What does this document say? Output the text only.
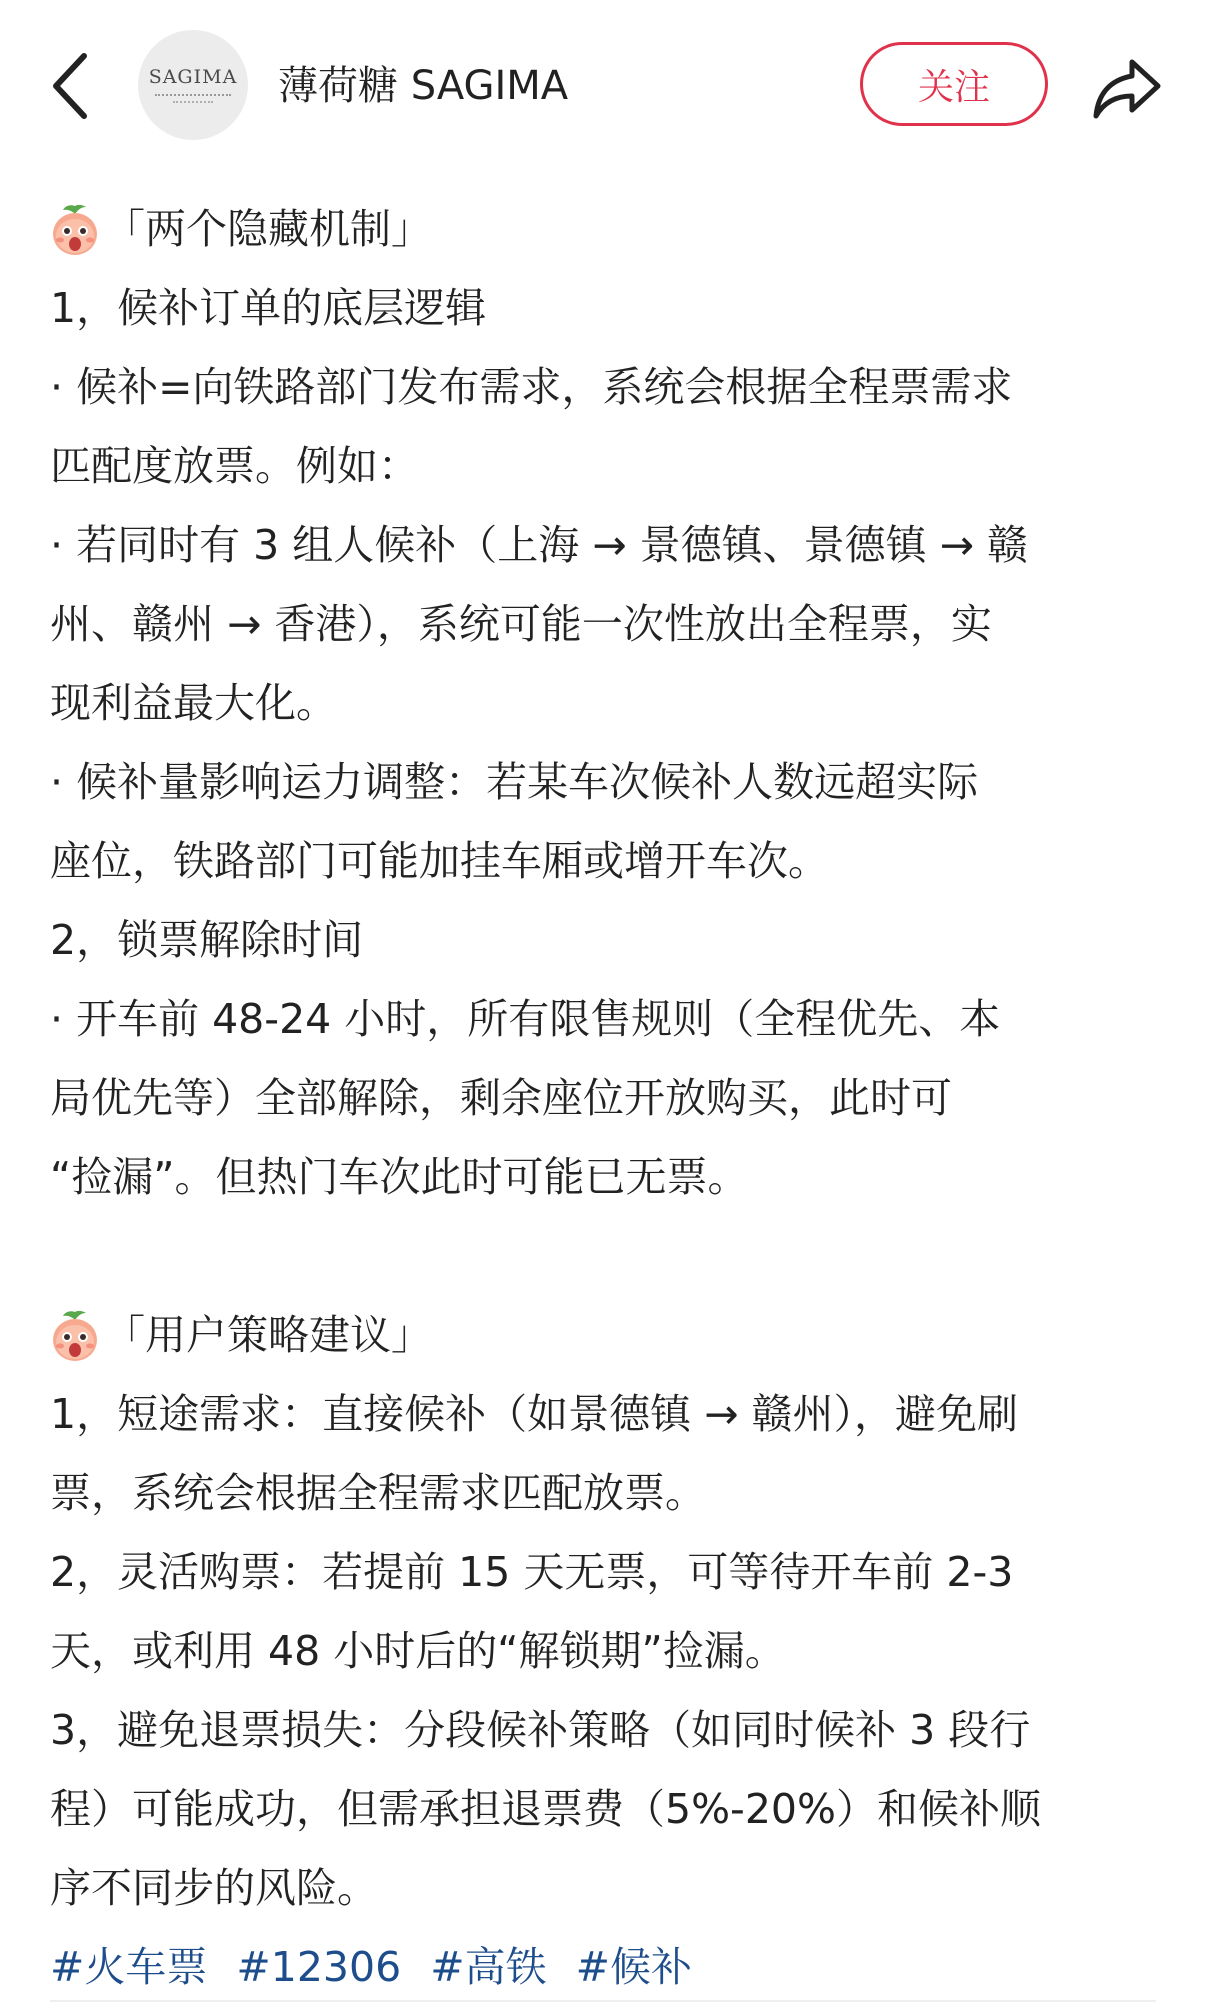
SAGIMA 薄荷糖 SAGIMA	关注
「两个隐藏机制」
1，候补订单的底层逻辑
· 候补=向铁路部门发布需求，系统会根据全程票需求
匹配度放票。例如：
· 若同时有 3 组人候补（上海 → 景德镇、景德镇 → 赣
州、赣州 → 香港），系统可能一次性放出全程票，实
现利益最大化。
· 候补量影响运力调整：若某车次候补人数远超实际
座位，铁路部门可能加挂车厢或增开车次。
2，锁票解除时间
· 开车前 48-24 小时，所有限售规则（全程优先、本
局优先等）全部解除，剩余座位开放购买，此时可
“捡漏”。但热门车次此时可能已无票。
「用户策略建议」
1，短途需求：直接候补（如景德镇 → 赣州），避免刷
票，系统会根据全程需求匹配放票。
2，灵活购票：若提前 15 天无票，可等待开车前 2-3
天，或利用 48 小时后的“解锁期”捡漏。
3，避免退票损失：分段候补策略（如同时候补 3 段行
程）可能成功，但需承担退票费（5%-20%）和候补顺
序不同步的风险。
#火车票 #12306 #高铁 #候补
